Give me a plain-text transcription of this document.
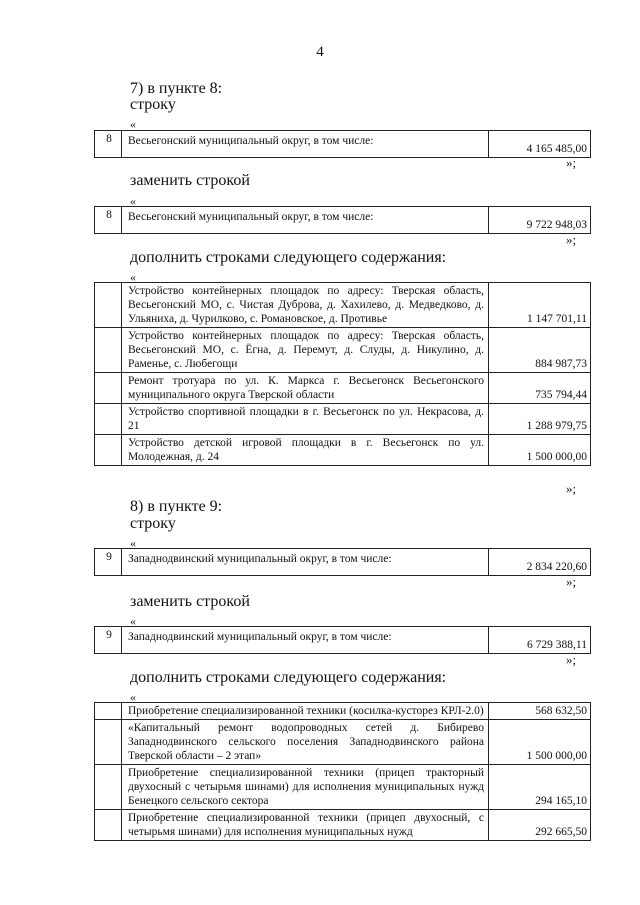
4
7) в пункте 8:
строку
«
8	Весьегонский муниципальный округ, в том числе:	4 165 485,00
»;
заменить строкой
«
8	Весьегонский муниципальный округ, в том числе:	9 722 948,03
»;
дополнить строками следующего содержания:
«
	Устройство контейнерных площадок по адресу: Тверская область, Весьегонский МО, с. Чистая Дуброва, д. Хахилево, д. Медведково, д. Ульяниха, д. Чурилково, с. Романовское, д. Противье	1 147 701,11
	Устройство контейнерных площадок по адресу: Тверская область, Весьегонский МО, с. Ёгна, д. Перемут, д. Слуды, д. Никулино, д. Раменье, с. Любегощи	884 987,73
	Ремонт тротуара по ул. К. Маркса г. Весьегонск Весьегонского муниципального округа Тверской области	735 794,44
	Устройство спортивной площадки в г. Весьегонск по ул. Некрасова, д. 21	1 288 979,75
	Устройство детской игровой площадки в г. Весьегонск по ул. Молодежная, д. 24	1 500 000,00
»;
8) в пункте 9:
строку
«
9	Западнодвинский муниципальный округ, в том числе:	2 834 220,60
»;
заменить строкой
«
9	Западнодвинский муниципальный округ, в том числе:	6 729 388,11
»;
дополнить строками следующего содержания:
«
	Приобретение специализированной техники (косилка-кусторез КРЛ-2.0)	568 632,50
	«Капитальный ремонт водопроводных сетей д. Бибирево Западнодвинского сельского поселения Западнодвинского района Тверской области – 2 этап»	1 500 000,00
	Приобретение специализированной техники (прицеп тракторный двухосный с четырьмя шинами) для исполнения муниципальных нужд Бенецкого сельского сектора	294 165,10
	Приобретение специализированной техники (прицеп двухосный, с четырьмя шинами) для исполнения муниципальных нужд	292 665,50
